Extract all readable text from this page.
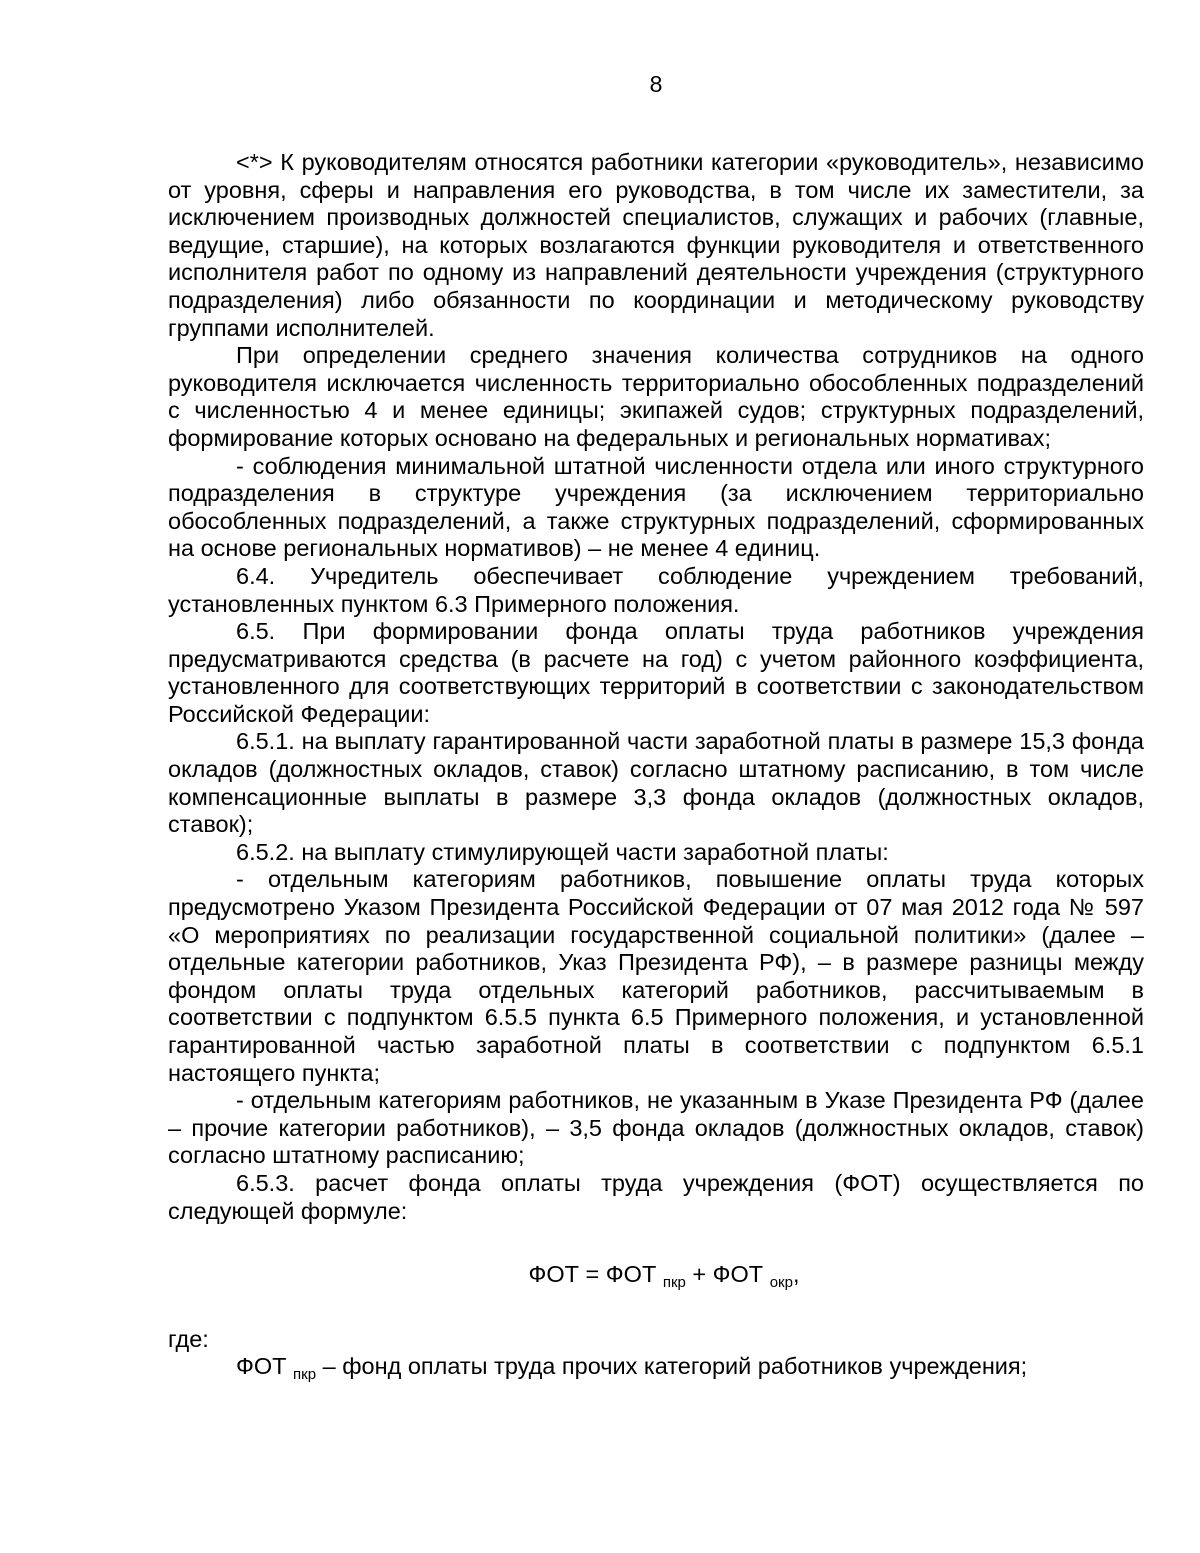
8

<*> К руководителям относятся работники категории «руководитель», независимо от уровня, сферы и направления его руководства, в том числе их заместители, за исключением производных должностей специалистов, служащих и рабочих (главные, ведущие, старшие), на которых возлагаются функции руководителя и ответственного исполнителя работ по одному из направлений деятельности учреждения (структурного подразделения) либо обязанности по координации и методическому руководству группами исполнителей.

При определении среднего значения количества сотрудников на одного руководителя исключается численность территориально обособленных подразделений с численностью 4 и менее единицы; экипажей судов; структурных подразделений, формирование которых основано на федеральных и региональных нормативах;

- соблюдения минимальной штатной численности отдела или иного структурного подразделения в структуре учреждения (за исключением территориально обособленных подразделений, а также структурных подразделений, сформированных на основе региональных нормативов) – не менее 4 единиц.

6.4. Учредитель обеспечивает соблюдение учреждением требований, установленных пунктом 6.3 Примерного положения.

6.5. При формировании фонда оплаты труда работников учреждения предусматриваются средства (в расчете на год) с учетом районного коэффициента, установленного для соответствующих территорий в соответствии с законодательством Российской Федерации:

6.5.1. на выплату гарантированной части заработной платы в размере 15,3 фонда окладов (должностных окладов, ставок) согласно штатному расписанию, в том числе компенсационные выплаты в размере 3,3 фонда окладов (должностных окладов, ставок);

6.5.2. на выплату стимулирующей части заработной платы:

- отдельным категориям работников, повышение оплаты труда которых предусмотрено Указом Президента Российской Федерации от 07 мая 2012 года № 597 «О мероприятиях по реализации государственной социальной политики» (далее – отдельные категории работников, Указ Президента РФ), – в размере разницы между фондом оплаты труда отдельных категорий работников, рассчитываемым в соответствии с подпунктом 6.5.5 пункта 6.5 Примерного положения, и установленной гарантированной частью заработной платы в соответствии с подпунктом 6.5.1 настоящего пункта;

- отдельным категориям работников, не указанным в Указе Президента РФ (далее – прочие категории работников), – 3,5 фонда окладов (должностных окладов, ставок) согласно штатному расписанию;

6.5.3. расчет фонда оплаты труда учреждения (ФОТ) осуществляется по следующей формуле:

ФОТ = ФОТ $_{пкр}$ + ФОТ $_{окр}$,

где:

ФОТ $_{пкр}$ – фонд оплаты труда прочих категорий работников учреждения;
